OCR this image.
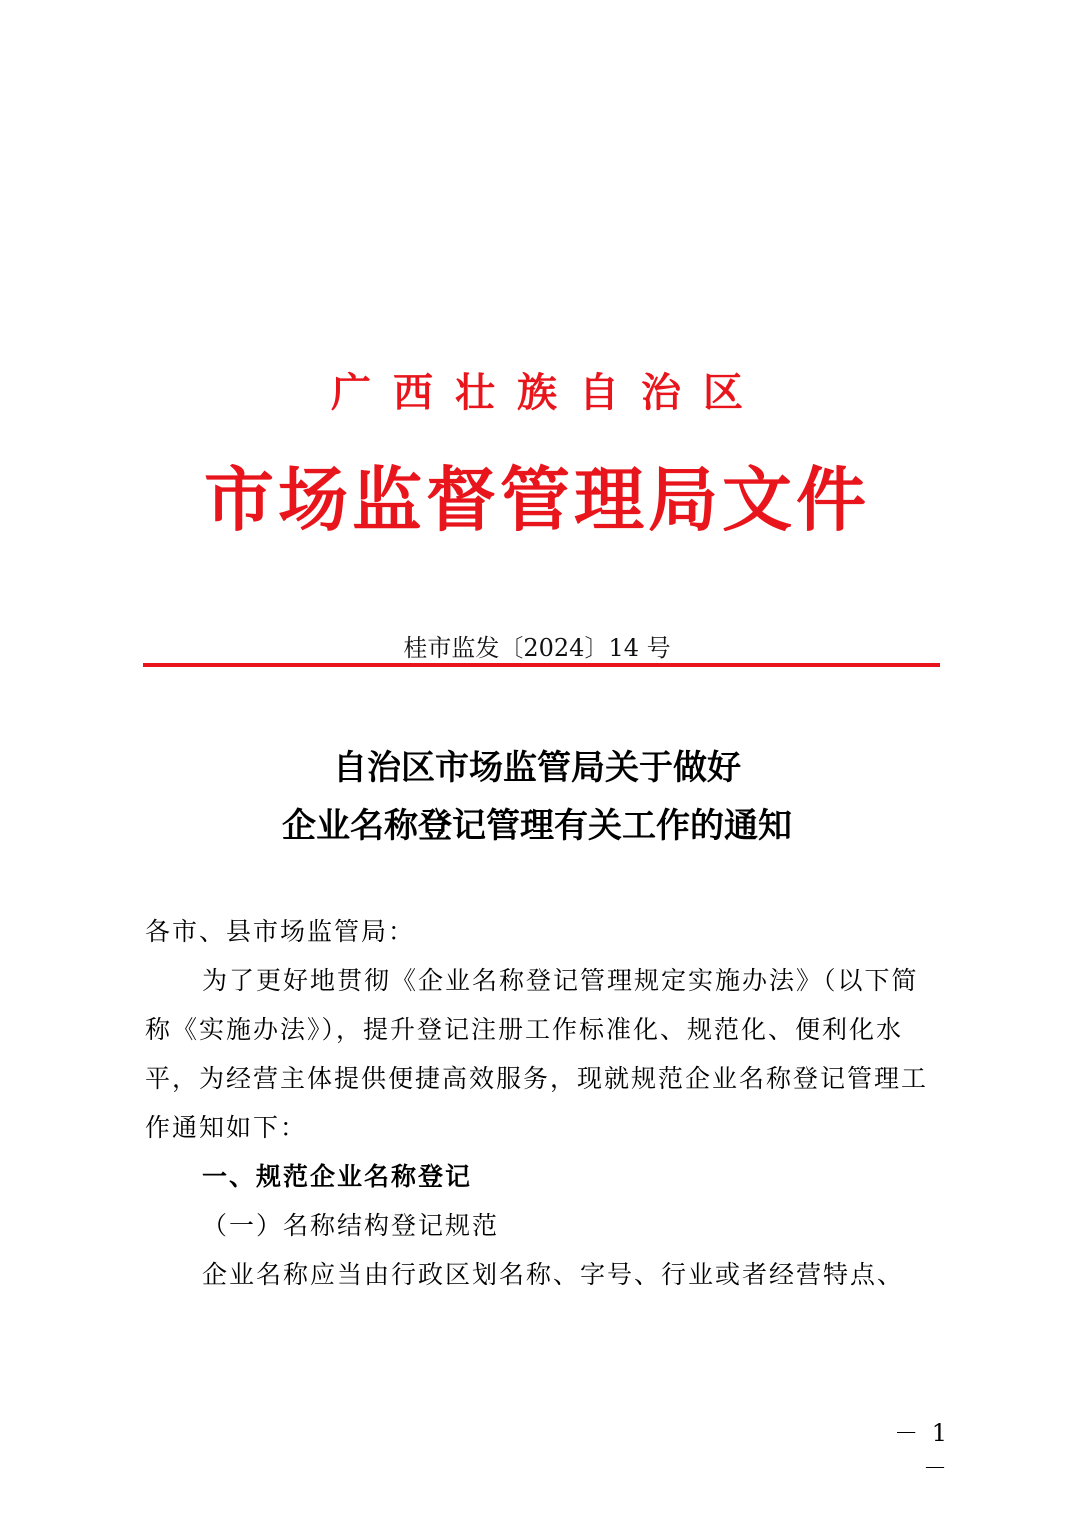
广西壮族自治区
市场监督管理局文件
桂市监发〔2024〕14 号
自治区市场监管局关于做好
企业名称登记管理有关工作的通知

各市、县市场监管局：

为了更好地贯彻《企业名称登记管理规定实施办法》（以下简称《实施办法》），提升登记注册工作标准化、规范化、便利化水平，为经营主体提供便捷高效服务，现就规范企业名称登记管理工作通知如下：

一、规范企业名称登记

（一）名称结构登记规范

企业名称应当由行政区划名称、字号、行业或者经营特点、

－ 1 －
